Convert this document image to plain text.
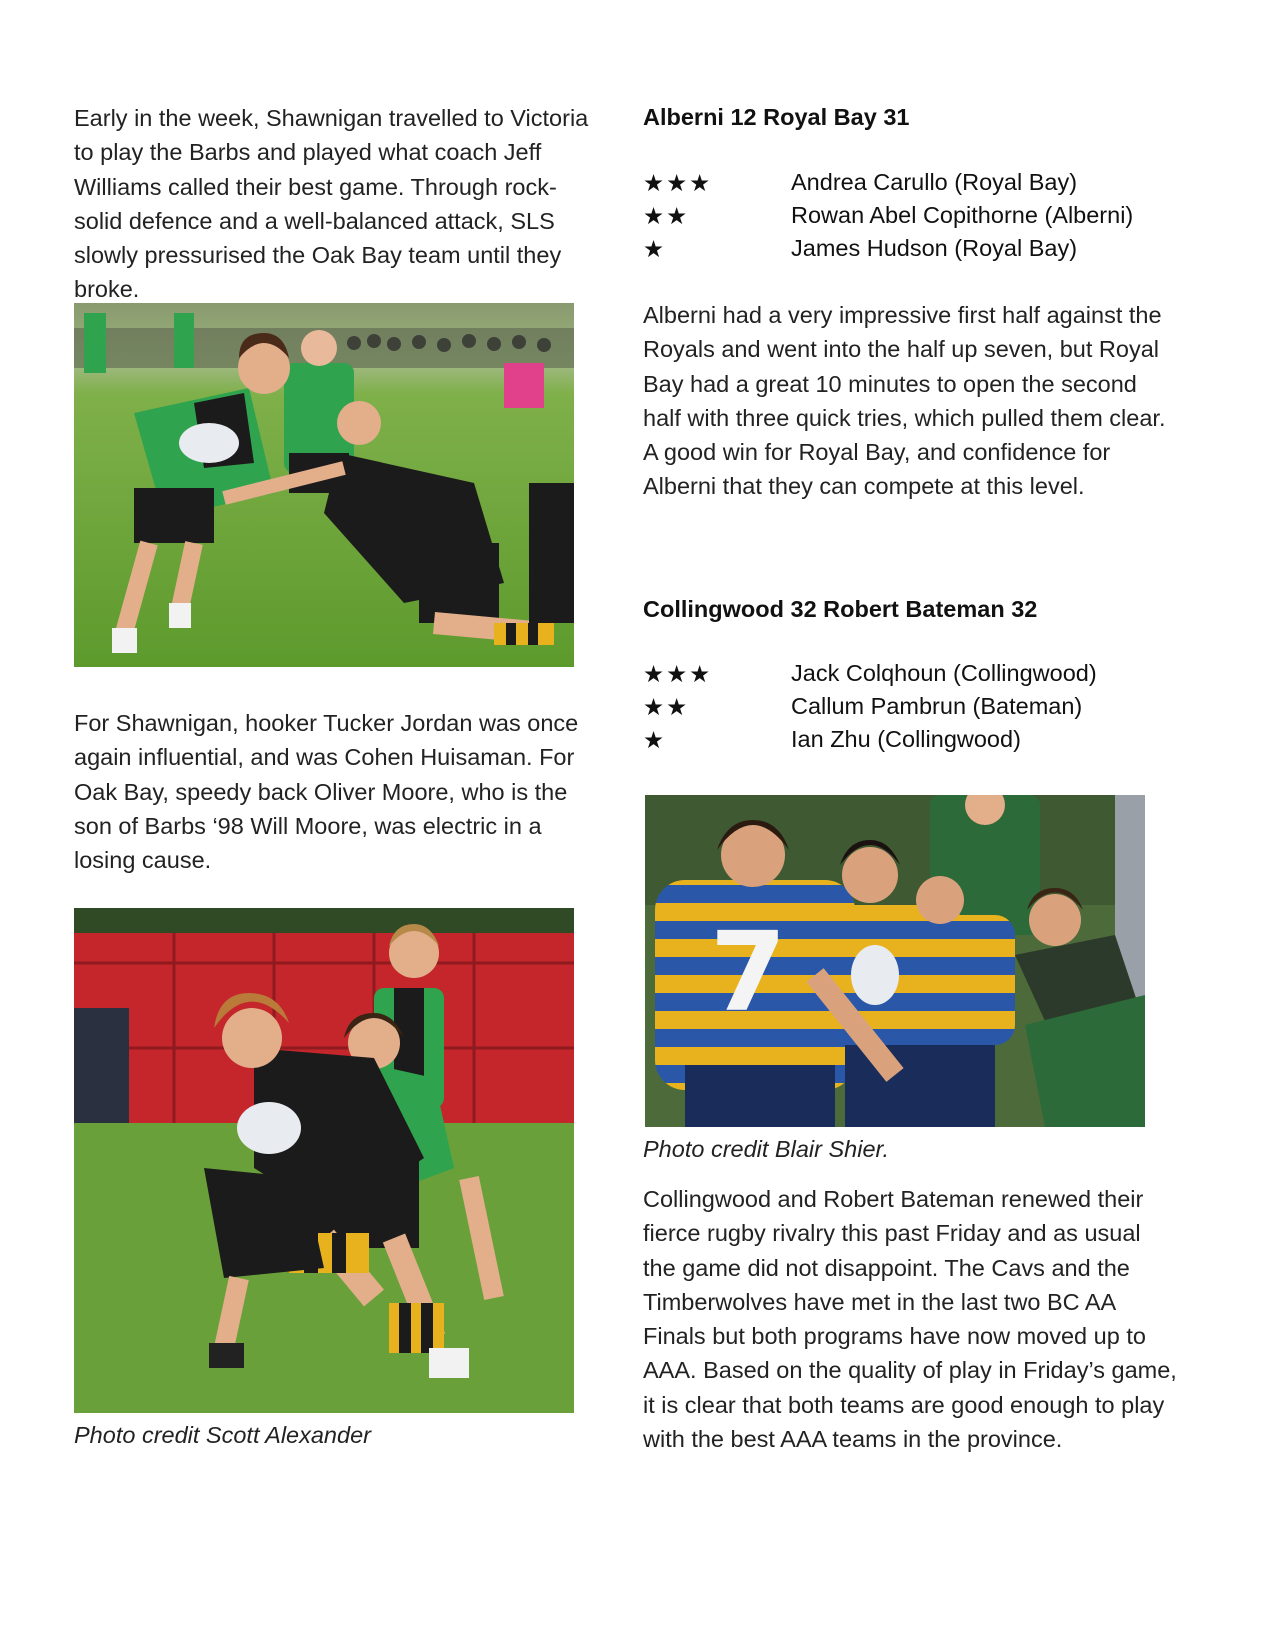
Early in the week, Shawnigan travelled to Victoria to play the Barbs and played what coach Jeff Williams called their best game. Through rock-solid defence and a well-balanced attack, SLS slowly pressurised the Oak Bay team until they broke.

For Shawnigan, hooker Tucker Jordan was once again influential, and was Cohen Huisaman. For Oak Bay, speedy back Oliver Moore, who is the son of Barbs ‘98 Will Moore, was electric in a losing cause.

Photo credit Scott Alexander

Alberni 12 Royal Bay 31

★★★	Andrea Carullo (Royal Bay)
★★	Rowan Abel Copithorne (Alberni)
★	James Hudson (Royal Bay)

Alberni had a very impressive first half against the Royals and went into the half up seven, but Royal Bay had a great 10 minutes to open the second half with three quick tries, which pulled them clear. A good win for Royal Bay, and confidence for Alberni that they can compete at this level.

Collingwood 32 Robert Bateman 32

★★★	Jack Colqhoun (Collingwood)
★★	Callum Pambrun (Bateman)
★	Ian Zhu (Collingwood)
7

Photo credit Blair Shier.

Collingwood and Robert Bateman renewed their fierce rugby rivalry this past Friday and as usual the game did not disappoint. The Cavs and the Timberwolves have met in the last two BC AA Finals but both programs have now moved up to AAA. Based on the quality of play in Friday’s game, it is clear that both teams are good enough to play with the best AAA teams in the province.
